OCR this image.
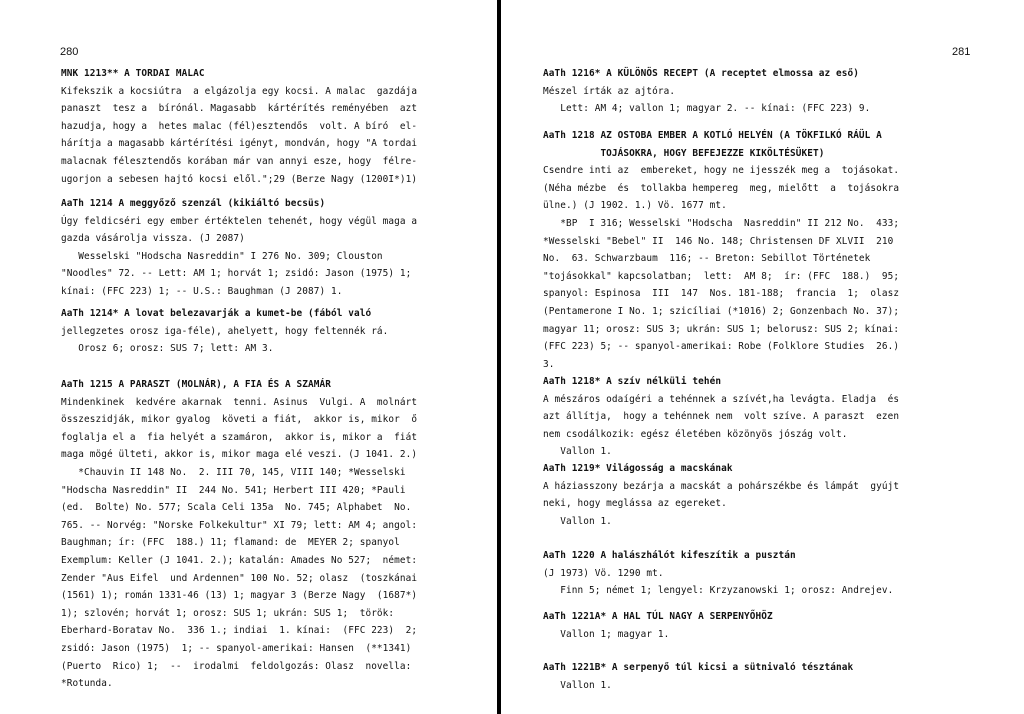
280

MNK 1213** A TORDAI MALAC
Kifekszik a kocsiútra  a elgázolja egy kocsi. A malac  gazdája
panaszt  tesz a  bírónál. Magasabb  kártérítés reményében  azt
hazudja, hogy a  hetes malac (fél)esztendős  volt. A bíró  el-
hárítja a magasabb kártérítési igényt, mondván, hogy "A tordai
malacnak félesztendős korában már van annyi esze, hogy  félre-
ugorjon a sebesen hajtó kocsi elől.";29 (Berze Nagy (1200I*)1)

AaTh 1214 A meggyőző szenzál (kikiáltó becsüs)
Úgy feldicséri egy ember értéktelen tehenét, hogy végül maga a
gazda vásárolja vissza. (J 2087)
Wesselski "Hodscha Nasreddin" I 276 No. 309; Clouston
"Noodles" 72. -- Lett: AM 1; horvát 1; zsidó: Jason (1975) 1;
kínai: (FFC 223) 1; -- U.S.: Baughman (J 2087) 1.

AaTh 1214* A lovat belezavarják a kumet-be (fából való
jellegzetes orosz iga-féle), ahelyett, hogy feltennék rá.
Orosz 6; orosz: SUS 7; lett: AM 3.

AaTh 1215 A PARASZT (MOLNÁR), A FIA ÉS A SZAMÁR
Mindenkinek  kedvére akarnak  tenni. Asinus  Vulgi. A  molnárt
összeszidják, mikor gyalog  követi a fiát,  akkor is, mikor  ő
foglalja el a  fia helyét a szamáron,  akkor is, mikor a  fiát
maga mögé ülteti, akkor is, mikor maga elé veszi. (J 1041. 2.)
*Chauvin II 148 No.  2. III 70, 145, VIII 140; *Wesselski
"Hodscha Nasreddin" II  244 No. 541; Herbert III 420; *Pauli
(ed.  Bolte) No. 577; Scala Celi 135a  No. 745; Alphabet  No.
765. -- Norvég: "Norske Folkekultur" XI 79; lett: AM 4; angol:
Baughman; ír: (FFC  188.) 11; flamand: de  MEYER 2; spanyol
Exemplum: Keller (J 1041. 2.); katalán: Amades No 527;  német:
Zender "Aus Eifel  und Ardennen" 100 No. 52; olasz  (toszkánai
(1561) 1); román 1331-46 (13) 1; magyar 3 (Berze Nagy  (1687*)
1); szlovén; horvát 1; orosz: SUS 1; ukrán: SUS 1;  török:
Eberhard-Boratav No.  336 1.; indiai  1. kínai:  (FFC 223)  2;
zsidó: Jason (1975)  1; -- spanyol-amerikai: Hansen  (**1341)
(Puerto  Rico) 1;  --  irodalmi  feldolgozás: Olasz  novella:
*Rotunda.

281

AaTh 1216* A KÜLÖNÖS RECEPT (A receptet elmossa az eső)
Mészel írták az ajtóra.
Lett: AM 4; vallon 1; magyar 2. -- kínai: (FFC 223) 9.

AaTh 1218 AZ OSTOBA EMBER A KOTLÓ HELYÉN (A TÖKFILKÓ RÁÜL A
TOJÁSOKRA, HOGY BEFEJEZZE KIKÖLTÉSÜKET)
Csendre inti az  embereket, hogy ne ijesszék meg a  tojásokat.
(Néha mézbe  és  tollakba hempereg  meg, mielőtt  a  tojásokra
ülne.) (J 1902. 1.) Vö. 1677 mt.
*BP  I 316; Wesselski "Hodscha  Nasreddin" II 212 No.  433;
*Wesselski "Bebel" II  146 No. 148; Christensen DF XLVII  210
No.  63. Schwarzbaum  116; -- Breton: Sebillot Történetek
"tojásokkal" kapcsolatban;  lett:  AM 8;  ír: (FFC  188.)  95;
spanyol: Espinosa  III  147  Nos. 181-188;  francia  1;  olasz
(Pentamerone I No. 1; szicíliai (*1016) 2; Gonzenbach No. 37);
magyar 11; orosz: SUS 3; ukrán: SUS 1; belorusz: SUS 2; kínai:
(FFC 223) 5; -- spanyol-amerikai: Robe (Folklore Studies  26.)
3.

AaTh 1218* A szív nélküli tehén
A mészáros odaígéri a tehénnek a szívét,ha levágta. Eladja  és
azt állítja,  hogy a tehénnek nem  volt szíve. A paraszt  ezen
nem csodálkozik: egész életében közönyös jószág volt.
Vallon 1.

AaTh 1219* Világosság a macskának
A háziasszony bezárja a macskát a pohárszékbe és lámpát  gyújt
neki, hogy meglássa az egereket.
Vallon 1.

AaTh 1220 A halászhálót kifeszítik a pusztán
(J 1973) Vö. 1290 mt.
Finn 5; német 1; lengyel: Krzyzanowski 1; orosz: Andrejev.

AaTh 1221A* A HAL TÚL NAGY A SERPENYŐHÖZ
Vallon 1; magyar 1.

AaTh 1221B* A serpenyő túl kicsi a sütnivaló tésztának
Vallon 1.
